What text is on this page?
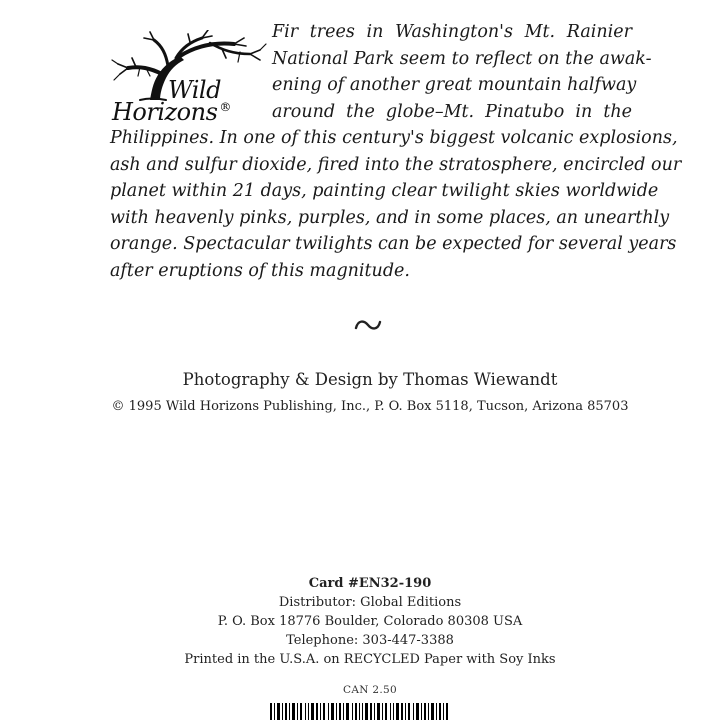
Wild
Horizons ®
Fir trees in Washington's Mt. Rainier
National Park seem to reflect on the awak-
ening of another great mountain halfway
around the globe–Mt. Pinatubo in the
Philippines. In one of this century's biggest volcanic explosions,
ash and sulfur dioxide, fired into the stratosphere, encircled our
planet within 21 days, painting clear twilight skies worldwide
with heavenly pinks, purples, and in some places, an unearthly
orange. Spectacular twilights can be expected for several years
after eruptions of this magnitude.
Photography & Design by Thomas Wiewandt
© 1995 Wild Horizons Publishing, Inc., P. O. Box 5118, Tucson, Arizona 85703
Card #EN32-190
Distributor: Global Editions
P. O. Box 18776 Boulder, Colorado 80308 USA
Telephone: 303-447-3388
Printed in the U.S.A. on RECYCLED Paper with Soy Inks
CAN 2.50
